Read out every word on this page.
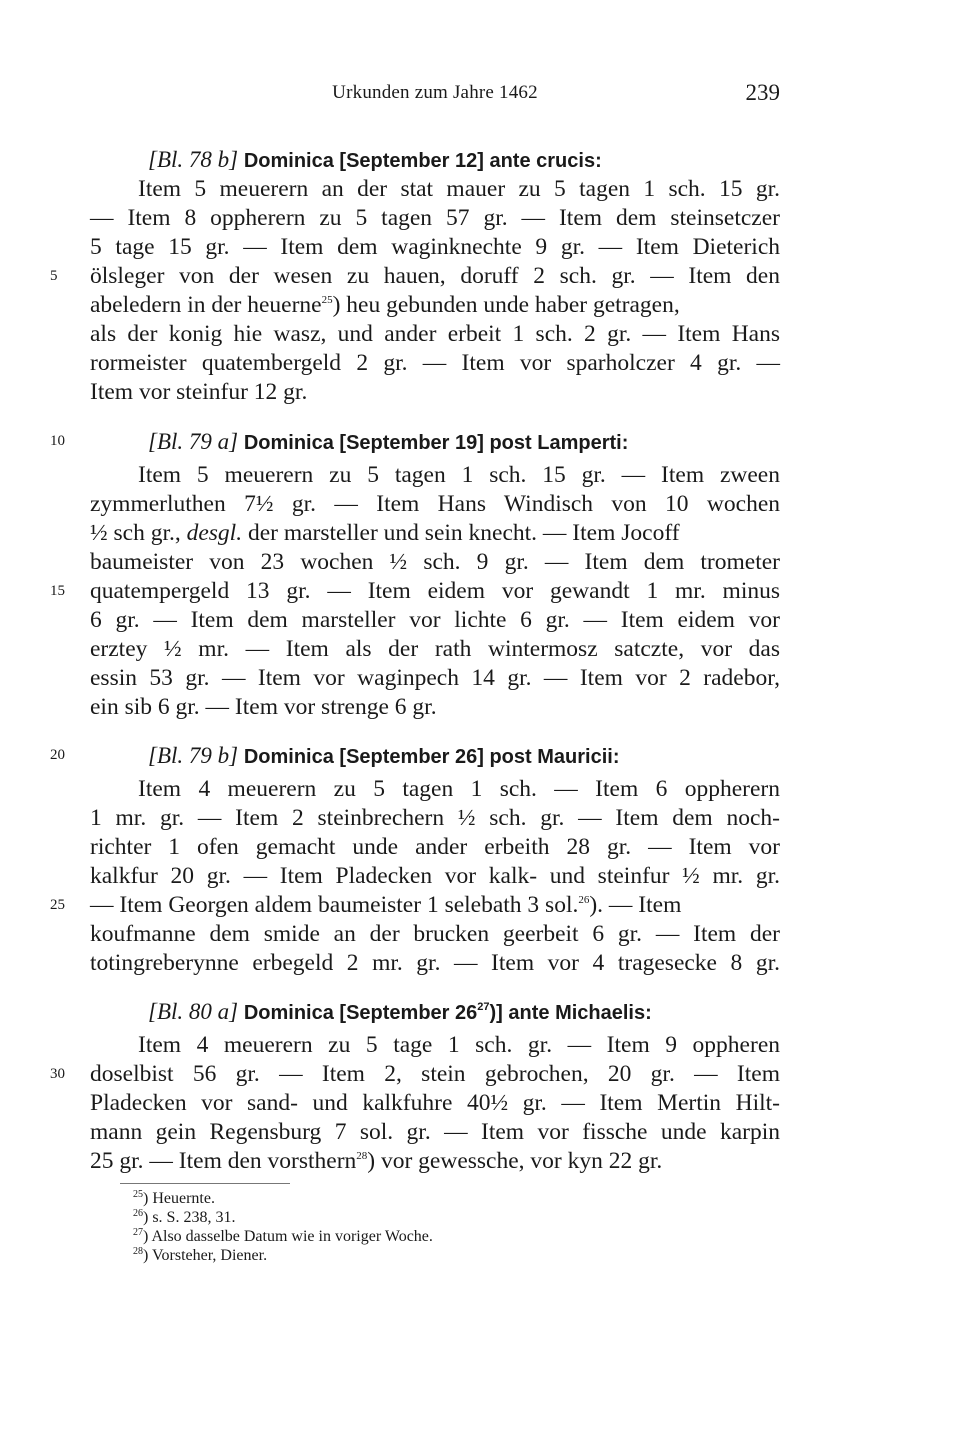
Urkunden zum Jahre 1462	239
[Bl. 78 b] Dominica [September 12] ante crucis:
Item 5 meuerern an der stat mauer zu 5 tagen 1 sch. 15 gr.
— Item 8 oppherern zu 5 tagen 57 gr. — Item dem steinsetczer
5 tage 15 gr. — Item dem waginknechte 9 gr. — Item Dieterich
ölsleger von der wesen zu hauen, doruff 2 sch. gr. — Item den
abeledern in der heuerne$^{25}$) heu gebunden unde haber getragen,
als der konig hie wasz, und ander erbeit 1 sch. 2 gr. — Item Hans
rormeister quatembergeld 2 gr. — Item vor sparholczer 4 gr. —
Item vor steinfur 12 gr.
[Bl. 79 a] Dominica [September 19] post Lamperti:
Item 5 meuerern zu 5 tagen 1 sch. 15 gr. — Item zween
zymmerluthen 7½ gr. — Item Hans Windisch von 10 wochen
½ sch gr., desgl. der marsteller und sein knecht. — Item Jocoff
baumeister von 23 wochen ½ sch. 9 gr. — Item dem trometer
quatempergeld 13 gr. — Item eidem vor gewandt 1 mr. minus
6 gr. — Item dem marsteller vor lichte 6 gr. — Item eidem vor
erztey ½ mr. — Item als der rath wintermosz satczte, vor das
essin 53 gr. — Item vor waginpech 14 gr. — Item vor 2 radebor,
ein sib 6 gr. — Item vor strenge 6 gr.
[Bl. 79 b] Dominica [September 26] post Mauricii:
Item 4 meuerern zu 5 tagen 1 sch. — Item 6 oppherern
1 mr. gr. — Item 2 steinbrechern ½ sch. gr. — Item dem noch-
richter 1 ofen gemacht unde ander erbeith 28 gr. — Item vor
kalkfur 20 gr. — Item Pladecken vor kalk- und steinfur ½ mr. gr.
— Item Georgen aldem baumeister 1 selebath 3 sol.$^{26}$). — Item
koufmanne dem smide an der brucken geerbeit 6 gr. — Item der
totingreberynne erbegeld 2 mr. gr. — Item vor 4 tragesecke 8 gr.
[Bl. 80 a] Dominica [September $26^{27}$)] ante Michaelis:
Item 4 meuerern zu 5 tage 1 sch. gr. — Item 9 oppheren
doselbist 56 gr. — Item 2, stein gebrochen, 20 gr. — Item
Pladecken vor sand- und kalkfuhre 40½ gr. — Item Mertin Hilt-
mann gein Regensburg 7 sol. gr. — Item vor fissche unde karpin
25 gr. — Item den vorsthern$^{28}$) vor gewessche, vor kyn 22 gr.
5
10
15
20
25
30
$^{25}$) Heuernte.
$^{26}$) s. S. 238, 31.
$^{27}$) Also dasselbe Datum wie in voriger Woche.
$^{28}$) Vorsteher, Diener.
